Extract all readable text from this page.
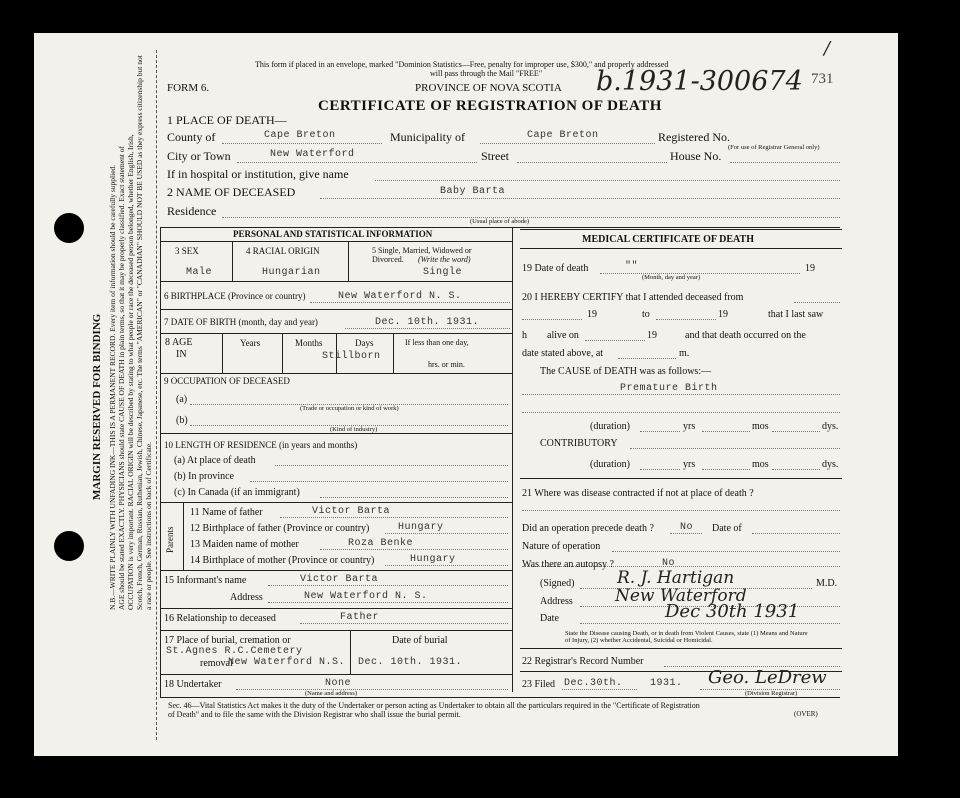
MARGIN RESERVED FOR BINDING N.B.—WRITE PLAINLY WITH UNFADING INK—THIS IS A PERMANENT RECORD. Every item of information should be carefully supplied. AGE should be stated EXACTLY. PHYSICIANS should state CAUSE OF DEATH in plain terms, so that it may be properly classified. Exact statement of OCCUPATION is very important. RACIAL ORIGIN will be described by stating to what people or race the deceased person belonged, whether English, Irish, Scotch, French, German, Russian, Ruthenian, Jewish, Chinese, Japanese, etc. The terms "AMERICAN" or "CANADIAN" SHOULD NOT BE USED as they express citizenship but not a race or people. See instructions on back of Certificate.
This form if placed in an envelope, marked "Dominion Statistics—Free, penalty for improper use, $300," and properly addressed
will pass through the Mail "FREE"
FORM 6.	PROVINCE OF NOVA SCOTIA b.1931-300674 731
/
CERTIFICATE OF REGISTRATION OF DEATH
1 PLACE OF DEATH—
County of	Cape Breton	Municipality of	Cape Breton	Registered No.
(For use of Registrar General only)
City or Town	New Waterford	Street	House No.
If in hospital or institution, give name
2 NAME OF DECEASED	Baby Barta
Residence
(Usual place of abode)
PERSONAL AND STATISTICAL INFORMATION
3 SEX	4 RACIAL ORIGIN	5 Single, Married, Widowed or
Divorced. (Write the word)
Male	Hungarian	Single
6 BIRTHPLACE (Province or country)	New Waterford N. S.
7 DATE OF BIRTH (month, day and year)	Dec. 10th. 1931.
8 AGE
IN
Years	Months	Days	If less than one day,
Stillborn
hrs. or min.
9 OCCUPATION OF DECEASED
(a)
(Trade or occupation or kind of work)
(b)
(Kind of industry)
10 LENGTH OF RESIDENCE (in years and months)
(a) At place of death
(b) In province
(c) In Canada (if an immigrant)
Parents
11 Name of father	Victor Barta
12 Birthplace of father (Province or country)	Hungary
13 Maiden name of mother	Roza Benke
14 Birthplace of mother (Province or country)	Hungary
15 Informant's name	Victor Barta
Address	New Waterford N. S.
16 Relationship to deceased	Father
17 Place of burial, cremation or
St.Agnes R.C.Cemetery
removal
New Waterford N.S.
Date of burial
Dec. 10th. 1931.
18 Undertaker	None
(Name and address)
MEDICAL CERTIFICATE OF DEATH
19 Date of death	""	19
(Month, day and year)
20 I HEREBY CERTIFY that I attended deceased from
19	to	19	that I last saw
h alive on	19	and that death occurred on the
date stated above, at	m.
The CAUSE of DEATH was as follows:—
Premature Birth
(duration)	yrs	mos	dys.
CONTRIBUTORY
(duration)	yrs	mos	dys.
21 Where was disease contracted if not at place of death ?
Did an operation precede death ?	No Date of
Nature of operation
Was there an autopsy ?	No
(Signed)	R. J. Hartigan	M.D.
Address New Waterford
Date	Dec 30th 1931
State the Disease causing Death, or in death from Violent Causes, state (1) Means and Nature
of Injury, (2) whether Accidental, Suicidal or Homicidal.
22 Registrar's Record Number
23 Filed Dec.30th.	1931. Geo. LeDrew
(Division Registrar)
Sec. 46—Vital Statistics Act makes it the duty of the Undertaker or person acting as Undertaker to obtain all the particulars required in the "Certificate of Registration
of Death" and to file the same with the Division Registrar who shall issue the burial permit.	(OVER)
